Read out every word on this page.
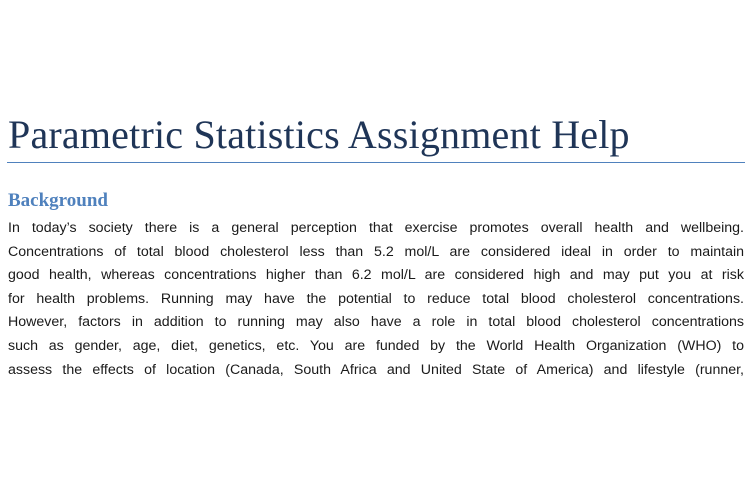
Parametric Statistics Assignment Help
Background
In today’s society there is a general perception that exercise promotes overall health and wellbeing.
Concentrations of total blood cholesterol less than 5.2 mol/L are considered ideal in order to maintain
good health, whereas concentrations higher than 6.2 mol/L are considered high and may put you at risk
for health problems. Running may have the potential to reduce total blood cholesterol concentrations.
However, factors in addition to running may also have a role in total blood cholesterol concentrations
such as gender, age, diet, genetics, etc. You are funded by the World Health Organization (WHO) to
assess the effects of location (Canada, South Africa and United State of America) and lifestyle (runner,
